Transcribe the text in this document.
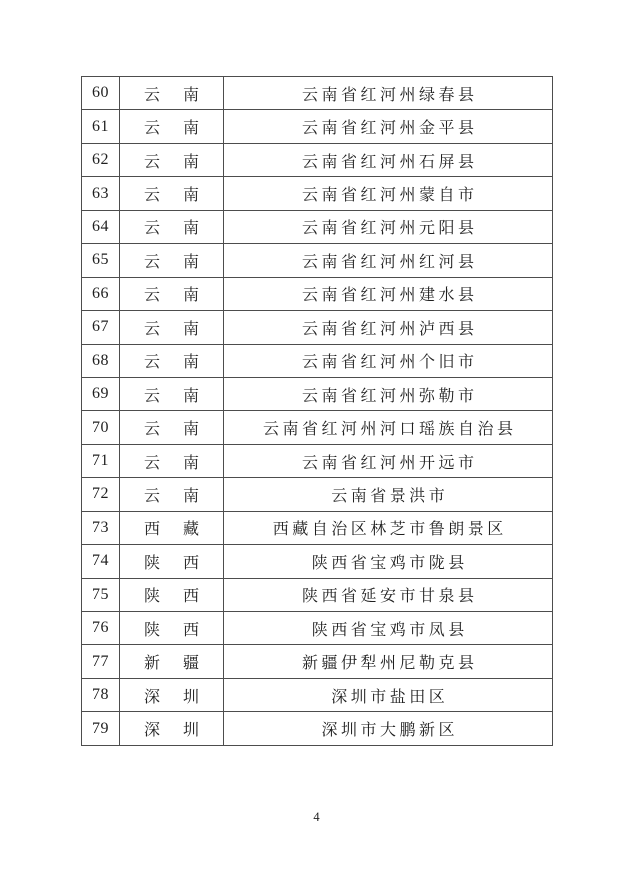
60	云　南	云南省红河州绿春县
61	云　南	云南省红河州金平县
62	云　南	云南省红河州石屏县
63	云　南	云南省红河州蒙自市
64	云　南	云南省红河州元阳县
65	云　南	云南省红河州红河县
66	云　南	云南省红河州建水县
67	云　南	云南省红河州泸西县
68	云　南	云南省红河州个旧市
69	云　南	云南省红河州弥勒市
70	云　南	云南省红河州河口瑶族自治县
71	云　南	云南省红河州开远市
72	云　南	云南省景洪市
73	西　藏	西藏自治区林芝市鲁朗景区
74	陕　西	陕西省宝鸡市陇县
75	陕　西	陕西省延安市甘泉县
76	陕　西	陕西省宝鸡市凤县
77	新　疆	新疆伊犁州尼勒克县
78	深　圳	深圳市盐田区
79	深　圳	深圳市大鹏新区
4
